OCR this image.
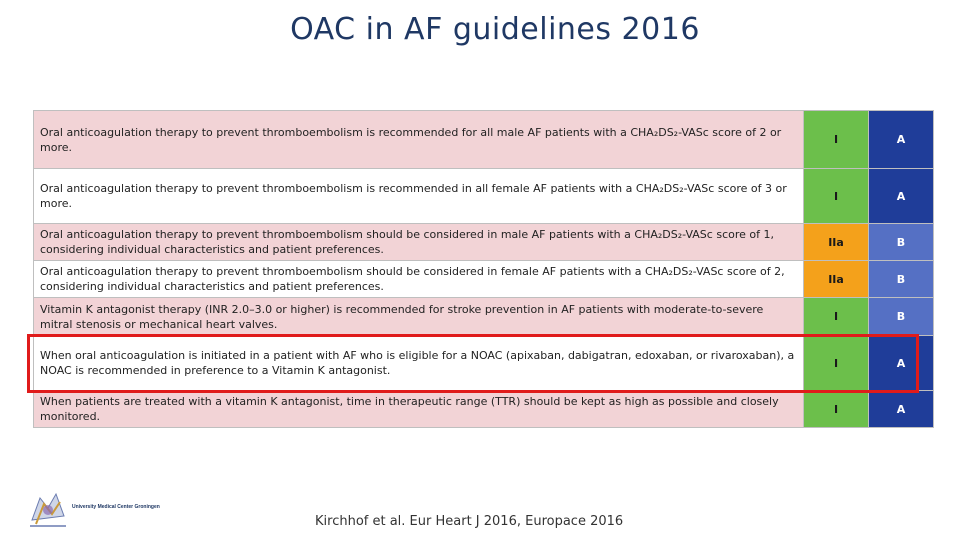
OAC in AF guidelines 2016
Oral anticoagulation therapy to prevent thromboembolism is recommended for all male AF patients with a CHA₂DS₂-VASc score of 2 or more.	I	A
Oral anticoagulation therapy to prevent thromboembolism is recommended in all female AF patients with a CHA₂DS₂-VASc score of 3 or more.	I	A
Oral anticoagulation therapy to prevent thromboembolism should be considered in male AF patients with a CHA₂DS₂-VASc score of 1, considering individual characteristics and patient preferences.	IIa	B
Oral anticoagulation therapy to prevent thromboembolism should be considered in female AF patients with a CHA₂DS₂-VASc score of 2, considering individual characteristics and patient preferences.	IIa	B
Vitamin K antagonist therapy (INR 2.0–3.0 or higher) is recommended for stroke prevention in AF patients with moderate-to-severe mitral stenosis or mechanical heart valves.	I	B
When oral anticoagulation is initiated in a patient with AF who is eligible for a NOAC (apixaban, dabigatran, edoxaban, or rivaroxaban), a NOAC is recommended in preference to a Vitamin K antagonist.	I	A
When patients are treated with a vitamin K antagonist, time in therapeutic range (TTR) should be kept as high as possible and closely monitored.	I	A
University Medical Center Groningen
Kirchhof et al. Eur Heart J 2016, Europace 2016
